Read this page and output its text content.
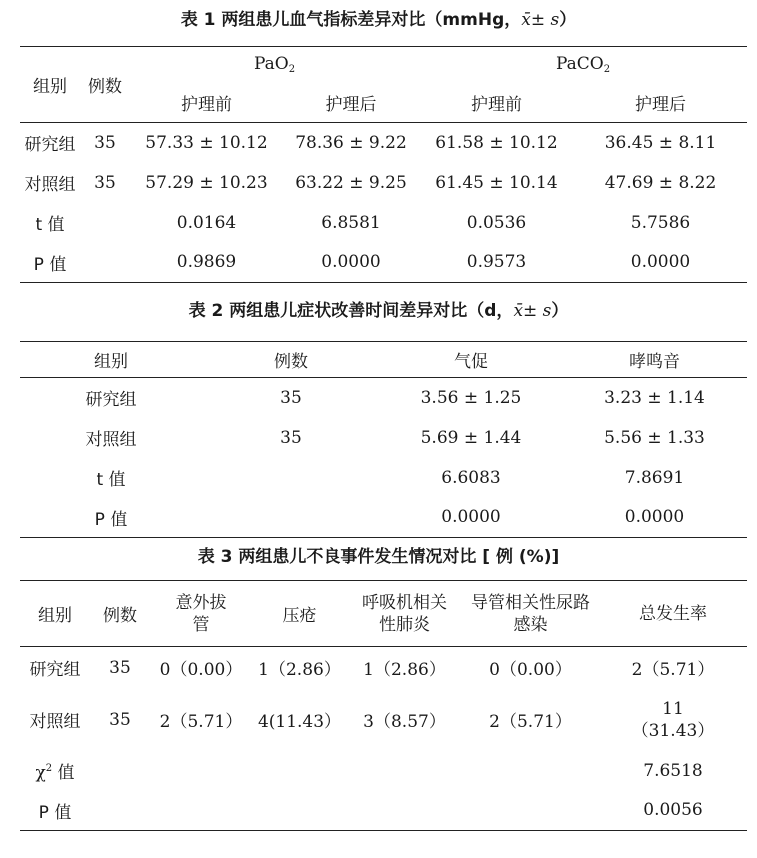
表 1 两组患儿血气指标差异对比（mmHg，x̄± s）
组别	例数	PaO$_2$		PaCO$_2$
		护理前	护理后	护理前	护理后
研究组	35	57.33 ± 10.12	78.36 ± 9.22	61.58 ± 10.12	36.45 ± 8.11
对照组	35	57.29 ± 10.23	63.22 ± 9.25	61.45 ± 10.14	47.69 ± 8.22
t 值		0.0164	6.8581	0.0536	5.7586
P 值		0.9869	0.0000	0.9573	0.0000
表 2 两组患儿症状改善时间差异对比（d，x̄± s）
组别	例数	气促	哮鸣音
研究组	35	3.56 ± 1.25	3.23 ± 1.14
对照组	35	5.69 ± 1.44	5.56 ± 1.33
t 值		6.6083	7.8691
P 值		0.0000	0.0000
表 3 两组患儿不良事件发生情况对比 [ 例 (%)]
组别	例数	意外拔管	压疮	呼吸机相关性肺炎	导管相关性尿路感染	总发生率
研究组	35	0（0.00）	1（2.86）	1（2.86）	0（0.00）	2（5.71）
对照组	35	2（5.71）	4(11.43）	3（8.57）	2（5.71）	11（31.43）
$\chi^2$ 值						7.6518
P 值						0.0056
